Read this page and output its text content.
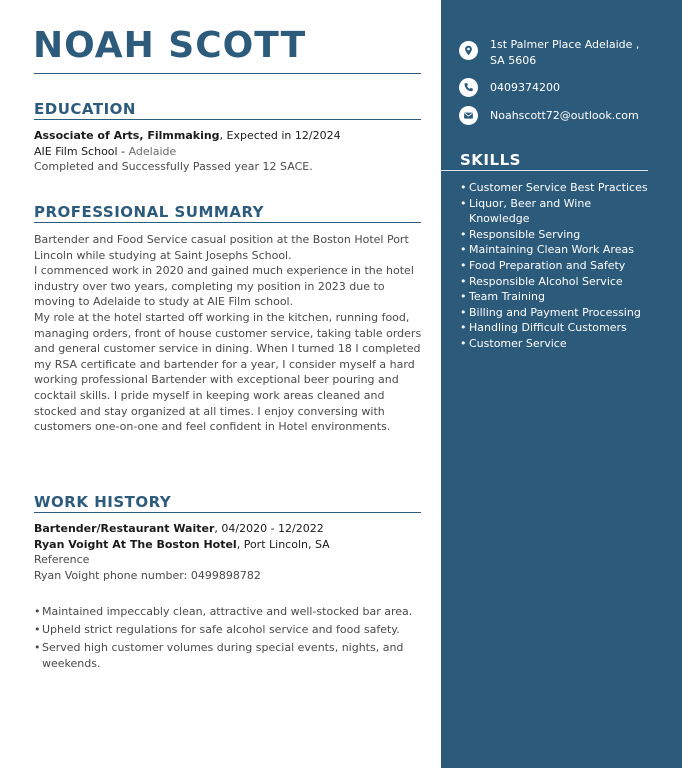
NOAH SCOTT
EDUCATION
Associate of Arts, Filmmaking, Expected in 12/2024
AIE Film School - Adelaide
Completed and Successfully Passed year 12 SACE.
PROFESSIONAL SUMMARY
Bartender and Food Service casual position at the Boston Hotel Port Lincoln while studying at Saint Josephs School.
I commenced work in 2020 and gained much experience in the hotel industry over two years, completing my position in 2023 due to moving to Adelaide to study at AIE Film school.
My role at the hotel started off working in the kitchen, running food, managing orders, front of house customer service, taking table orders and general customer service in dining. When I turned 18 I completed my RSA certificate and bartender for a year, I consider myself a hard working professional Bartender with exceptional beer pouring and cocktail skills. I pride myself in keeping work areas cleaned and stocked and stay organized at all times. I enjoy conversing with customers one-on-one and feel confident in Hotel environments.
WORK HISTORY
Bartender/Restaurant Waiter, 04/2020 - 12/2022
Ryan Voight At The Boston Hotel, Port Lincoln, SA
Reference
Ryan Voight phone number: 0499898782
• Maintained impeccably clean, attractive and well-stocked bar area.
• Upheld strict regulations for safe alcohol service and food safety.
• Served high customer volumes during special events, nights, and weekends.
1st Palmer Place Adelaide , SA 5606
0409374200
Noahscott72@outlook.com
SKILLS
• Customer Service Best Practices
• Liquor, Beer and Wine Knowledge
• Responsible Serving
• Maintaining Clean Work Areas
• Food Preparation and Safety
• Responsible Alcohol Service
• Team Training
• Billing and Payment Processing
• Handling Difficult Customers
• Customer Service
